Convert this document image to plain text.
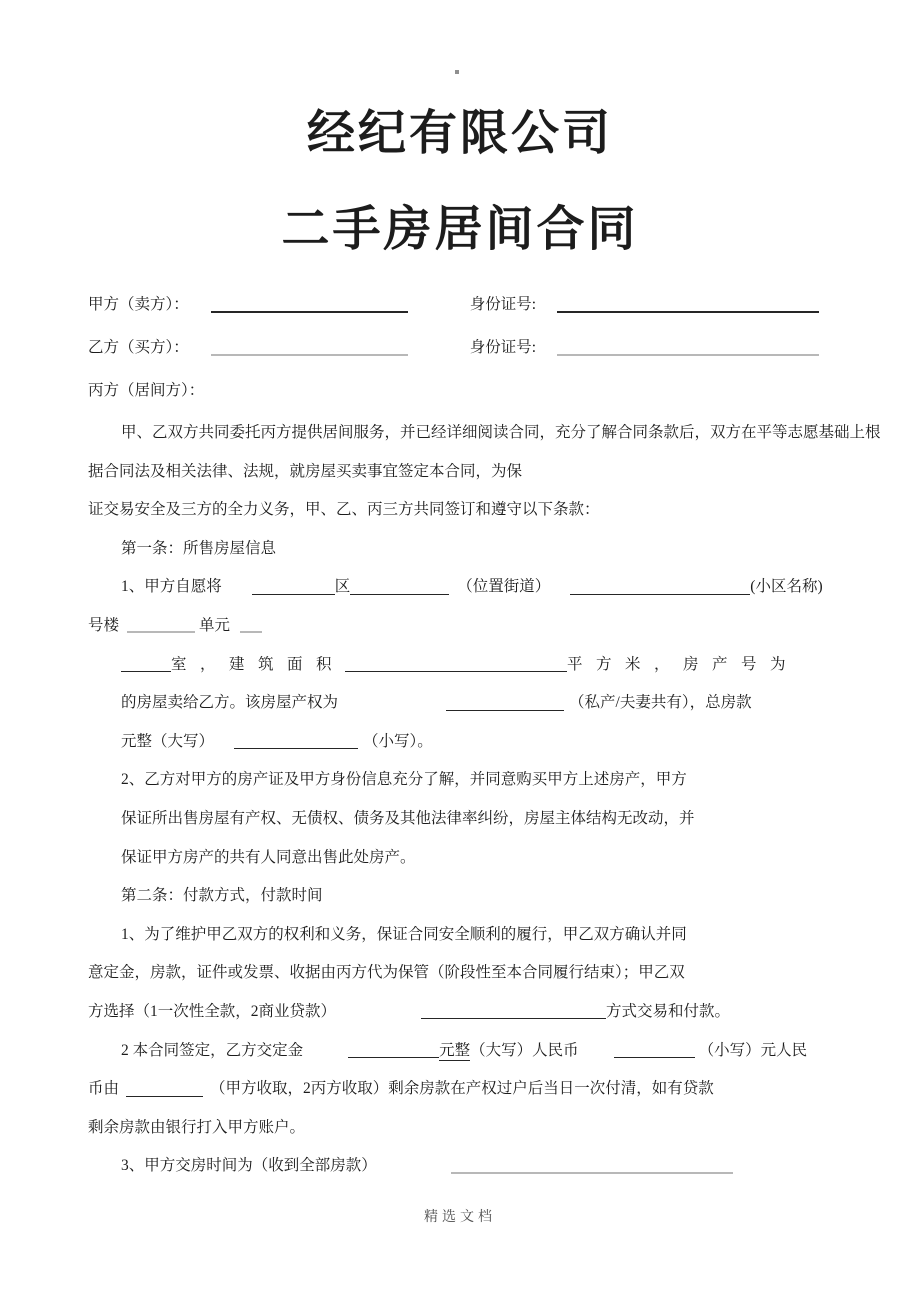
经纪有限公司
二手房居间合同
甲方（卖方）：	身份证号:
乙方（买方）：	身份证号:
丙方（居间方）：
甲、乙双方共同委托丙方提供居间服务，并已经详细阅读合同，充分了解合同条款后，双方在平等志愿基础上根
据合同法及相关法律、法规，就房屋买卖事宜签定本合同，为保
证交易安全及三方的全力义务，甲、乙、丙三方共同签订和遵守以下条款：
第一条：所售房屋信息
1、甲方自愿将	区	（位置街道）	(小区名称)
号楼	单元
室，建筑面积	平方米，房产号为
的房屋卖给乙方。该房屋产权为	（私产/夫妻共有），总房款
元整（大写）	（小写）。
2、乙方对甲方的房产证及甲方身份信息充分了解，并同意购买甲方上述房产，甲方
保证所出售房屋有产权、无债权、债务及其他法律率纠纷，房屋主体结构无改动，并
保证甲方房产的共有人同意出售此处房产。
第二条：付款方式，付款时间
1、为了维护甲乙双方的权利和义务，保证合同安全顺利的履行，甲乙双方确认并同
意定金，房款，证件或发票、收据由丙方代为保管（阶段性至本合同履行结束）；甲乙双
方选择（1一次性全款，2商业贷款）	方式交易和付款。
2 本合同签定，乙方交定金	元整（大写）人民币	（小写）元人民
币由	（甲方收取，2丙方收取）剩余房款在产权过户后当日一次付清，如有贷款
剩余房款由银行打入甲方账户。
3、甲方交房时间为（收到全部房款）
精选文档
